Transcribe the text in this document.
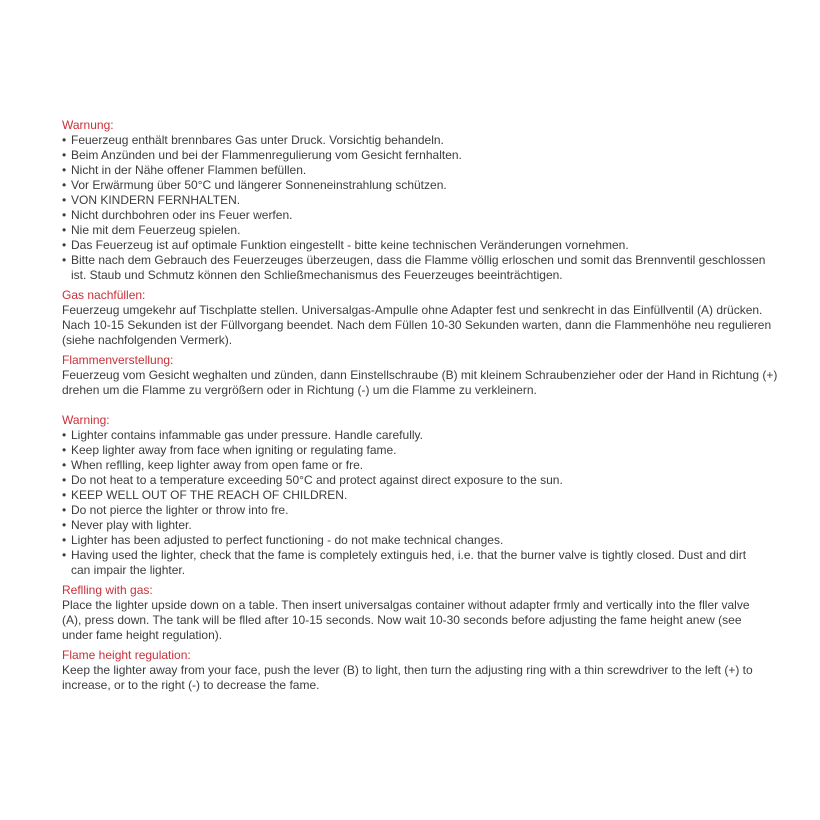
Warnung:
• Feuerzeug enthält brennbares Gas unter Druck. Vorsichtig behandeln.
• Beim Anzünden und bei der Flammenregulierung vom Gesicht fernhalten.
• Nicht in der Nähe offener Flammen befüllen.
• Vor Erwärmung über 50°C und längerer Sonneneinstrahlung schützen.
• VON KINDERN FERNHALTEN.
• Nicht durchbohren oder ins Feuer werfen.
• Nie mit dem Feuerzeug spielen.
• Das Feuerzeug ist auf optimale Funktion eingestellt - bitte keine technischen Veränderungen vornehmen.
• Bitte nach dem Gebrauch des Feuerzeuges überzeugen, dass die Flamme völlig erloschen und somit das Brennventil geschlossen
ist. Staub und Schmutz können den Schließmechanismus des Feuerzeuges beeinträchtigen.
Gas nachfüllen:
Feuerzeug umgekehr auf Tischplatte stellen. Universalgas-Ampulle ohne Adapter fest und senkrecht in das Einfüllventil (A) drücken.
Nach 10-15 Sekunden ist der Füllvorgang beendet. Nach dem Füllen 10-30 Sekunden warten, dann die Flammenhöhe neu regulieren
(siehe nachfolgenden Vermerk).
Flammenverstellung:
Feuerzeug vom Gesicht weghalten und zünden, dann Einstellschraube (B) mit kleinem Schraubenzieher oder der Hand in Richtung (+)
drehen um die Flamme zu vergrößern oder in Richtung (-) um die Flamme zu verkleinern.
Warning:
• Lighter contains infammable gas under pressure. Handle carefully.
• Keep lighter away from face when igniting or regulating fame.
• When reflling, keep lighter away from open fame or fre.
• Do not heat to a temperature exceeding 50°C and protect against direct exposure to the sun.
• KEEP WELL OUT OF THE REACH OF CHILDREN.
• Do not pierce the lighter or throw into fre.
• Never play with lighter.
• Lighter has been adjusted to perfect functioning - do not make technical changes.
• Having used the lighter, check that the fame is completely extinguis hed, i.e. that the burner valve is tightly closed. Dust and dirt
can impair the lighter.
Reflling with gas:
Place the lighter upside down on a table. Then insert universalgas container without adapter frmly and vertically into the fller valve
(A), press down. The tank will be flled after 10-15 seconds. Now wait 10-30 seconds before adjusting the fame height anew (see
under fame height regulation).
Flame height regulation:
Keep the lighter away from your face, push the lever (B) to light, then turn the adjusting ring with a thin screwdriver to the left (+) to
increase, or to the right (-) to decrease the fame.
